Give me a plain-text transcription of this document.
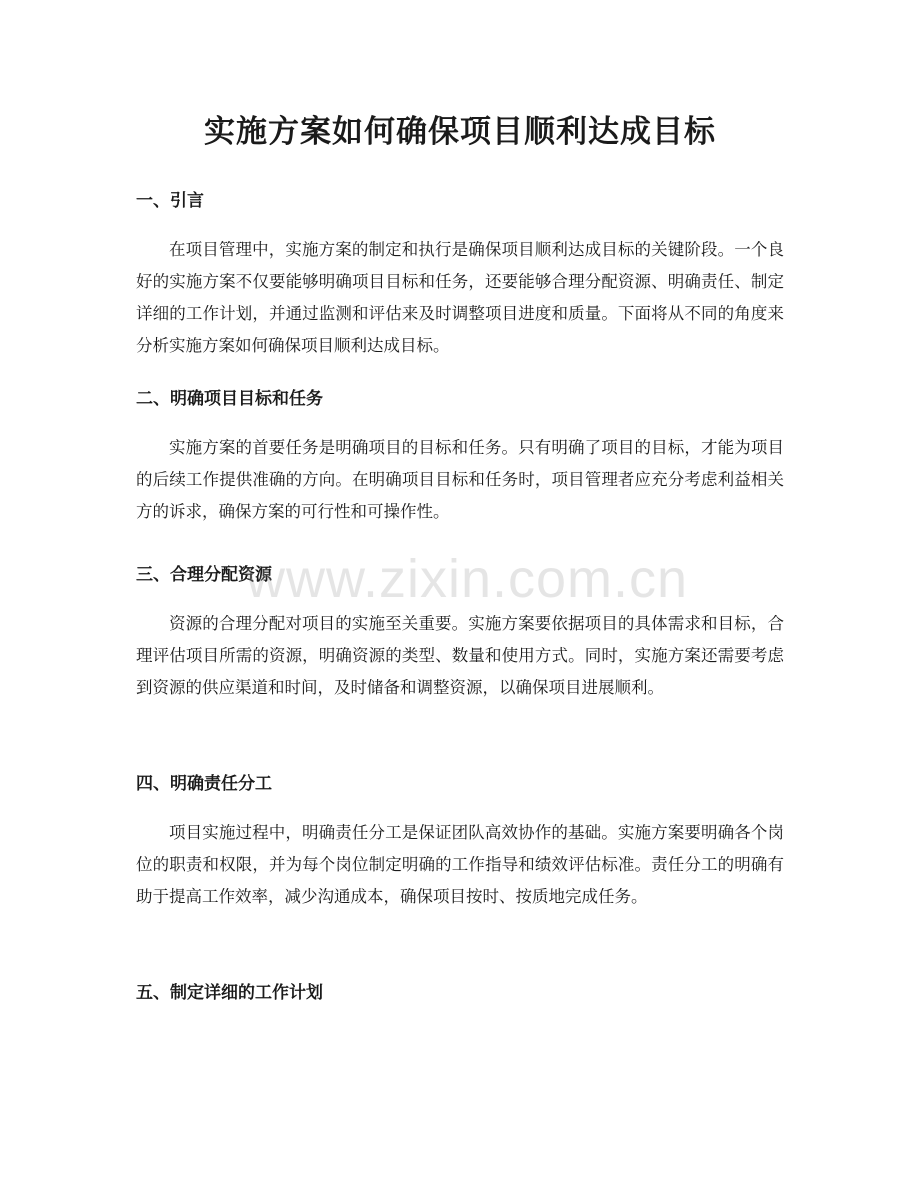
实施方案如何确保项目顺利达成目标
一、引言

在项目管理中，实施方案的制定和执行是确保项目顺利达成目标的关键阶段。一个良好的实施方案不仅要能够明确项目目标和任务，还要能够合理分配资源、明确责任、制定详细的工作计划，并通过监测和评估来及时调整项目进度和质量。下面将从不同的角度来分析实施方案如何确保项目顺利达成目标。

二、明确项目目标和任务

实施方案的首要任务是明确项目的目标和任务。只有明确了项目的目标，才能为项目的后续工作提供准确的方向。在明确项目目标和任务时，项目管理者应充分考虑利益相关方的诉求，确保方案的可行性和可操作性。

三、合理分配资源

资源的合理分配对项目的实施至关重要。实施方案要依据项目的具体需求和目标，合理评估项目所需的资源，明确资源的类型、数量和使用方式。同时，实施方案还需要考虑到资源的供应渠道和时间，及时储备和调整资源，以确保项目进展顺利。

四、明确责任分工

项目实施过程中，明确责任分工是保证团队高效协作的基础。实施方案要明确各个岗位的职责和权限，并为每个岗位制定明确的工作指导和绩效评估标准。责任分工的明确有助于提高工作效率，减少沟通成本，确保项目按时、按质地完成任务。

五、制定详细的工作计划
www.zixin.com.cn
